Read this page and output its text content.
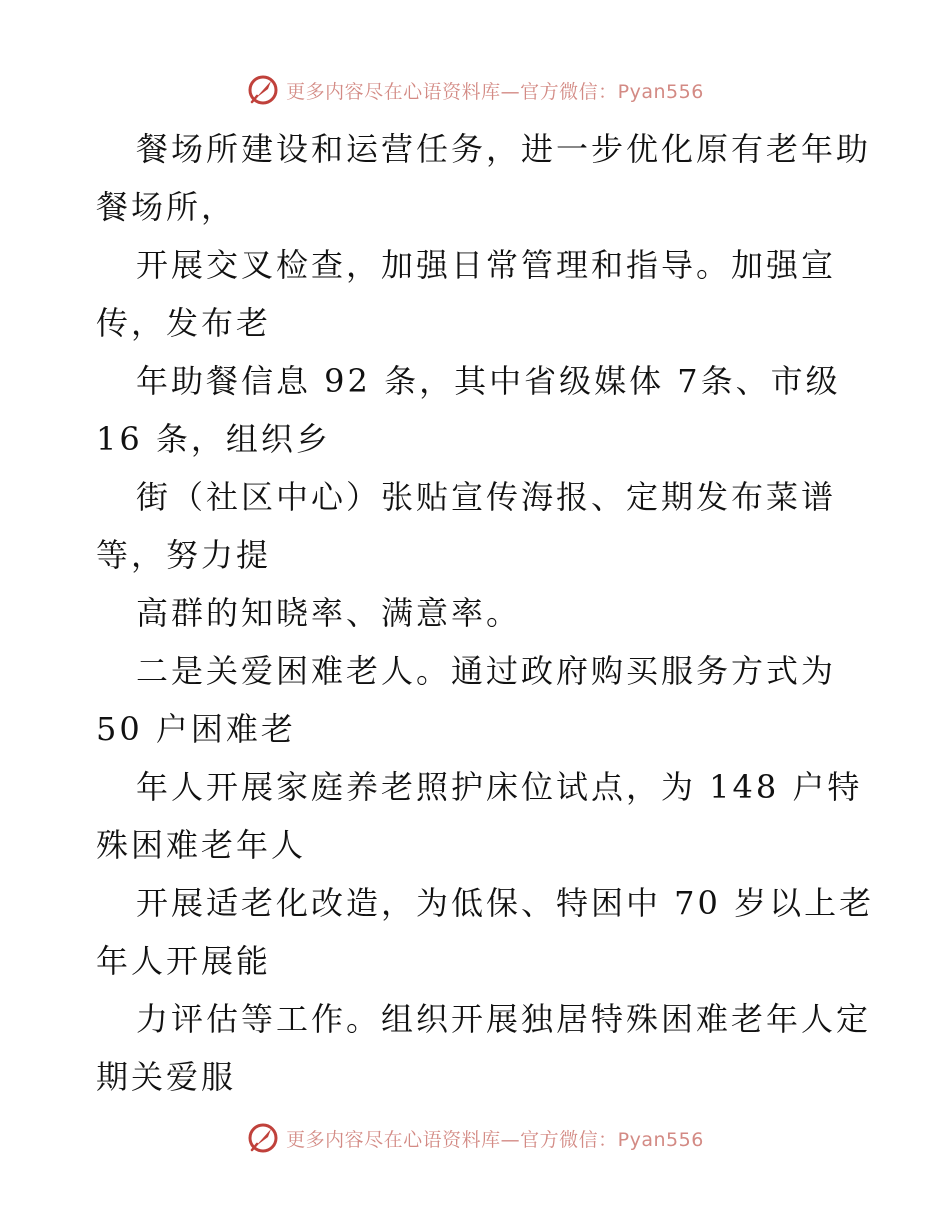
更多内容尽在心语资料库—官方微信：Pyan556
餐场所建设和运营任务，进一步优化原有老年助
餐场所，
开展交叉检查，加强日常管理和指导。加强宣
传，发布老
年助餐信息 92 条，其中省级媒体 7条、市级
16 条，组织乡
街（社区中心）张贴宣传海报、定期发布菜谱
等，努力提
高群的知晓率、满意率。
二是关爱困难老人。通过政府购买服务方式为
50 户困难老
年人开展家庭养老照护床位试点，为 148 户特
殊困难老年人
开展适老化改造，为低保、特困中 70 岁以上老
年人开展能
力评估等工作。组织开展独居特殊困难老年人定
期关爱服
更多内容尽在心语资料库—官方微信：Pyan556
